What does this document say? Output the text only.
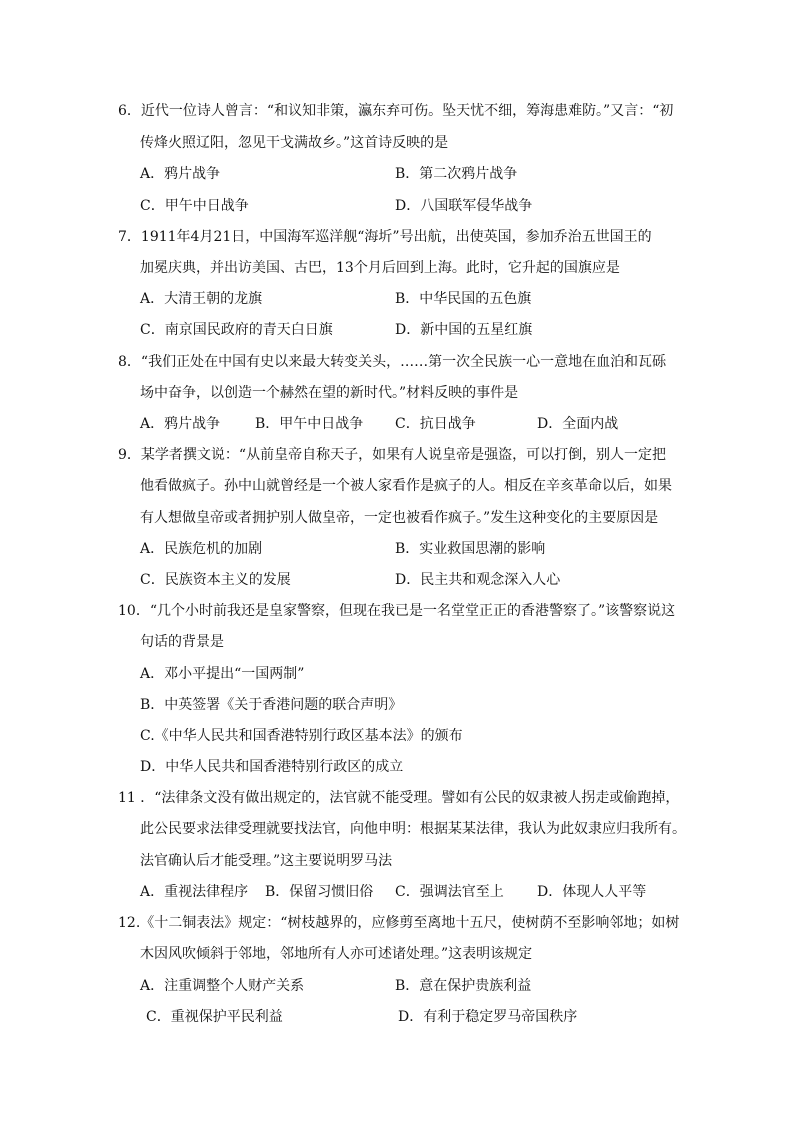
6．近代一位诗人曾言：“和议知非策，瀛东弃可伤。坠天忧不细，筹海患难防。”又言：“初
传烽火照辽阳，忽见干戈满故乡。”这首诗反映的是
A．鸦片战争	B．第二次鸦片战争
C．甲午中日战争	D．八国联军侵华战争
7．1911年4月21日，中国海军巡洋舰“海圻”号出航，出使英国，参加乔治五世国王的
加冕庆典，并出访美国、古巴，13个月后回到上海。此时，它升起的国旗应是
A．大清王朝的龙旗	B．中华民国的五色旗
C．南京国民政府的青天白日旗	D．新中国的五星红旗
8．“我们正处在中国有史以来最大转变关头，……第一次全民族一心一意地在血泊和瓦砾
场中奋争，以创造一个赫然在望的新时代。”材料反映的事件是
A．鸦片战争 B．甲午中日战争 C．抗日战争	D．全面内战
9．某学者撰文说：“从前皇帝自称天子，如果有人说皇帝是强盗，可以打倒，别人一定把
他看做疯子。孙中山就曾经是一个被人家看作是疯子的人。相反在辛亥革命以后，如果
有人想做皇帝或者拥护别人做皇帝，一定也被看作疯子。”发生这种变化的主要原因是
A．民族危机的加剧	B．实业救国思潮的影响
C．民族资本主义的发展	D．民主共和观念深入人心
10．“几个小时前我还是皇家警察，但现在我已是一名堂堂正正的香港警察了。”该警察说这
句话的背景是
A．邓小平提出“一国两制”
B．中英签署《关于香港问题的联合声明》
C.《中华人民共和国香港特别行政区基本法》的颁布
D．中华人民共和国香港特别行政区的成立
11 ．“法律条文没有做出规定的，法官就不能受理。譬如有公民的奴隶被人拐走或偷跑掉，
此公民要求法律受理就要找法官，向他申明：根据某某法律，我认为此奴隶应归我所有。
法官确认后才能受理。”这主要说明罗马法
A．重视法律程序 B．保留习惯旧俗 C．强调法官至上 D．体现人人平等
12.《十二铜表法》规定：“树枝越界的，应修剪至离地十五尺，使树荫不至影响邻地；如树
木因风吹倾斜于邻地，邻地所有人亦可述诸处理。”这表明该规定
A．注重调整个人财产关系	B．意在保护贵族利益
C．重视保护平民利益	D．有利于稳定罗马帝国秩序
